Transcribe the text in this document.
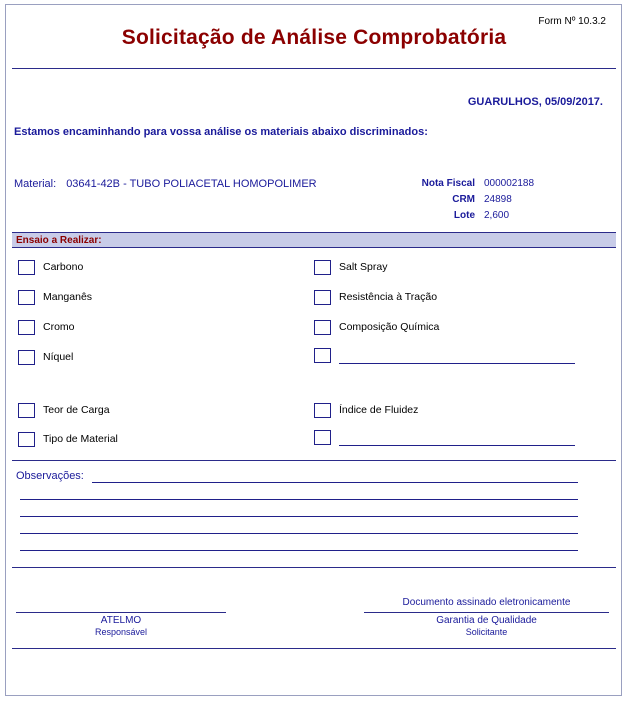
Form Nº 10.3.2
Solicitação de Análise Comprobatória
GUARULHOS, 05/09/2017.
Estamos encaminhando para vossa análise os materiais abaixo discriminados:
Material: 03641-42B - TUBO POLIACETAL HOMOPOLIMER	Nota Fiscal 000002188
CRM 24898
Lote 2,600
Ensaio a Realizar:
Carbono
Manganês
Cromo
Níquel
Teor de Carga
Tipo de Material
Salt Spray
Resistência à Tração
Composição Química
Índice de Fluidez
Observações:
Documento assinado eletronicamente
ATELMO
Responsável
Garantia de Qualidade
Solicitante
